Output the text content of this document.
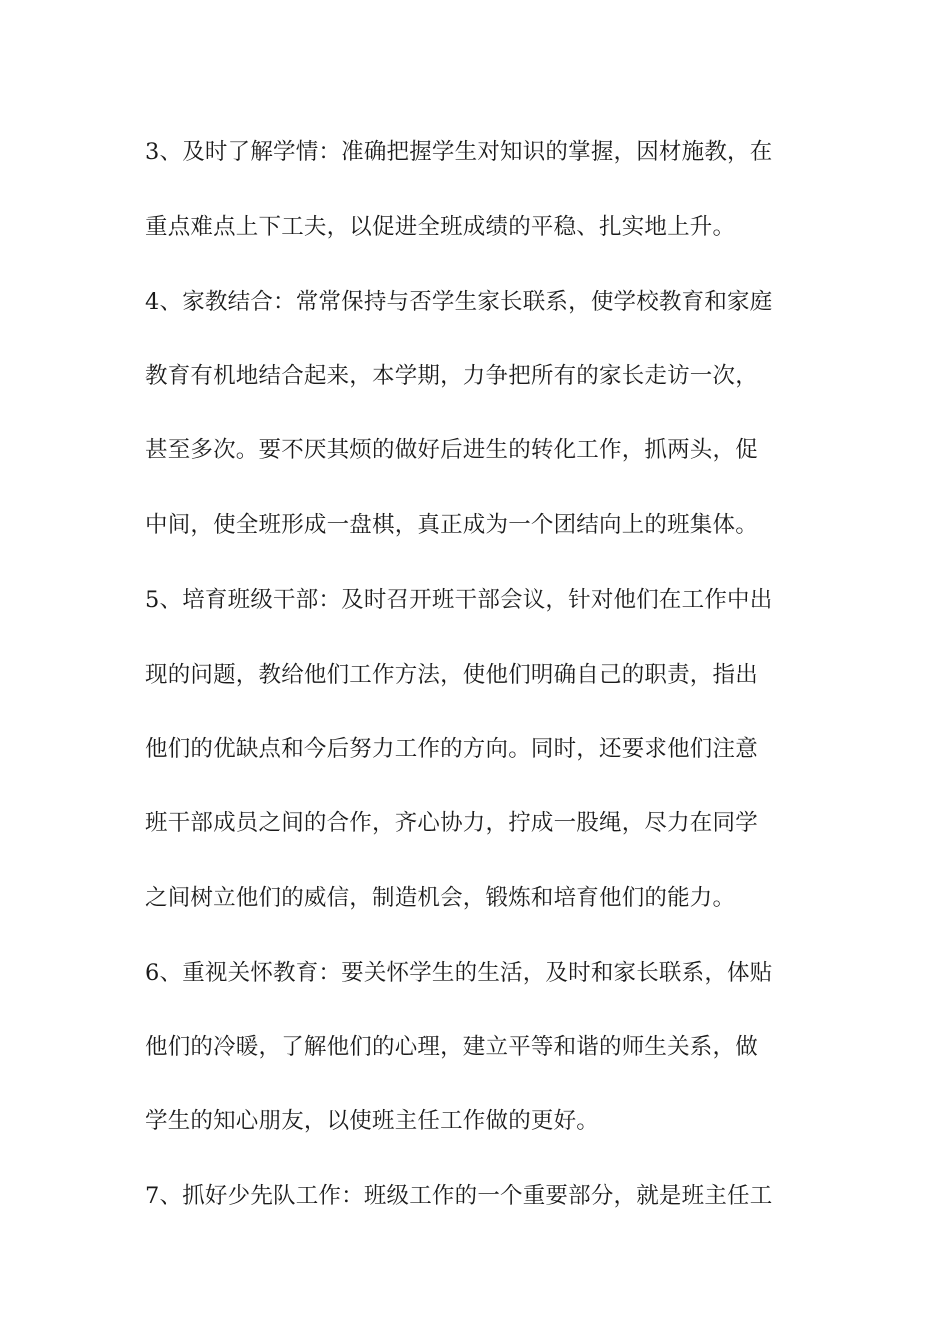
3、及时了解学情：准确把握学生对知识的掌握，因材施教，在
重点难点上下工夫，以促进全班成绩的平稳、扎实地上升。
4、家教结合：常常保持与否学生家长联系，使学校教育和家庭
教育有机地结合起来，本学期，力争把所有的家长走访一次，
甚至多次。要不厌其烦的做好后进生的转化工作，抓两头，促
中间，使全班形成一盘棋，真正成为一个团结向上的班集体。
5、培育班级干部：及时召开班干部会议，针对他们在工作中出
现的问题，教给他们工作方法，使他们明确自己的职责，指出
他们的优缺点和今后努力工作的方向。同时，还要求他们注意
班干部成员之间的合作，齐心协力，拧成一股绳，尽力在同学
之间树立他们的威信，制造机会，锻炼和培育他们的能力。
6、重视关怀教育：要关怀学生的生活，及时和家长联系，体贴
他们的冷暖，了解他们的心理，建立平等和谐的师生关系，做
学生的知心朋友，以使班主任工作做的更好。
7、抓好少先队工作：班级工作的一个重要部分，就是班主任工
